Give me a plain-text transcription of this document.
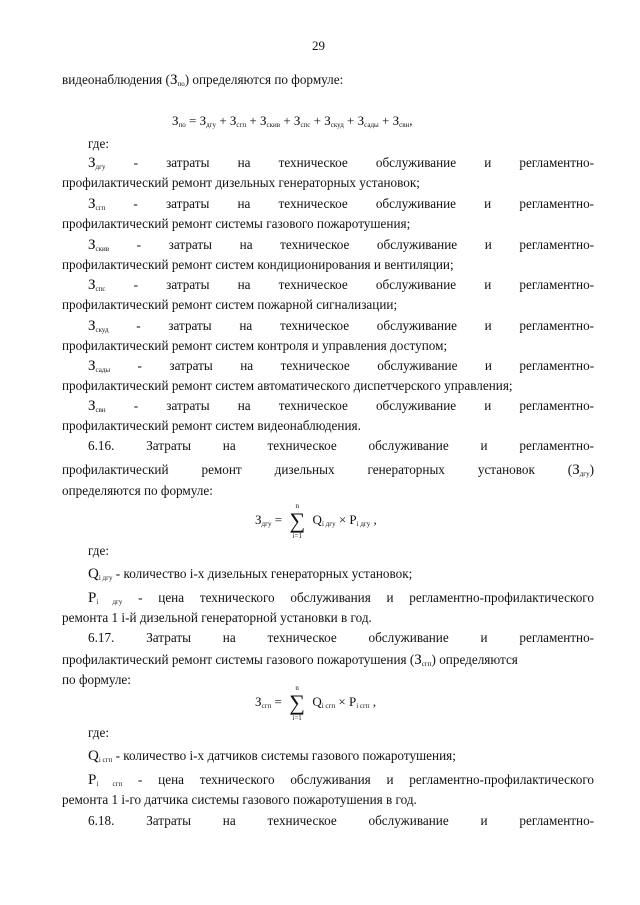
29
видеонаблюдения $(З_{по})$ определяются по формуле:
$З_{по} = З_{дгу} + З_{сгп} + З_{скив} + З_{спс} + З_{скуд} + З_{сады} + З_{свн}$,
где:
$З_{дгу}$ - затраты на техническое обслуживание и регламентно-
профилактический ремонт дизельных генераторных установок;
$З_{сгп}$ - затраты на техническое обслуживание и регламентно-
профилактический ремонт системы газового пожаротушения;
$З_{скив}$ - затраты на техническое обслуживание и регламентно-
профилактический ремонт систем кондиционирования и вентиляции;
$З_{спс}$ - затраты на техническое обслуживание и регламентно-
профилактический ремонт систем пожарной сигнализации;
$З_{скуд}$ - затраты на техническое обслуживание и регламентно-
профилактический ремонт систем контроля и управления доступом;
$З_{сады}$ - затраты на техническое обслуживание и регламентно-
профилактический ремонт систем автоматического диспетчерского управления;
$З_{свн}$ - затраты на техническое обслуживание и регламентно-
профилактический ремонт систем видеонаблюдения.
6.16. Затраты на техническое обслуживание и регламентно-
профилактический ремонт дизельных генераторных установок $(З_{дгу})$
определяются по формуле:
$З_{дгу}$ =
n
∑
i=1
$Q_{i дгу} \times P_{i дгу}$ ,
где:
$Q_{i дгу}$ - количество i-х дизельных генераторных установок;
$P_{i дгу}$ - цена технического обслуживания и регламентно-профилактического
ремонта 1 i-й дизельной генераторной установки в год.
6.17. Затраты на техническое обслуживание и регламентно-
профилактический ремонт системы газового пожаротушения $(З_{сгп})$ определяются
по формуле:
$З_{сгп}$ =
n
∑
i=1
$Q_{i сгп} \times P_{i сгп}$ ,
где:
$Q_{i сгп}$ - количество i-х датчиков системы газового пожаротушения;
$P_{i сгп}$ - цена технического обслуживания и регламентно-профилактического
ремонта 1 i-го датчика системы газового пожаротушения в год.
6.18. Затраты на техническое обслуживание и регламентно-
